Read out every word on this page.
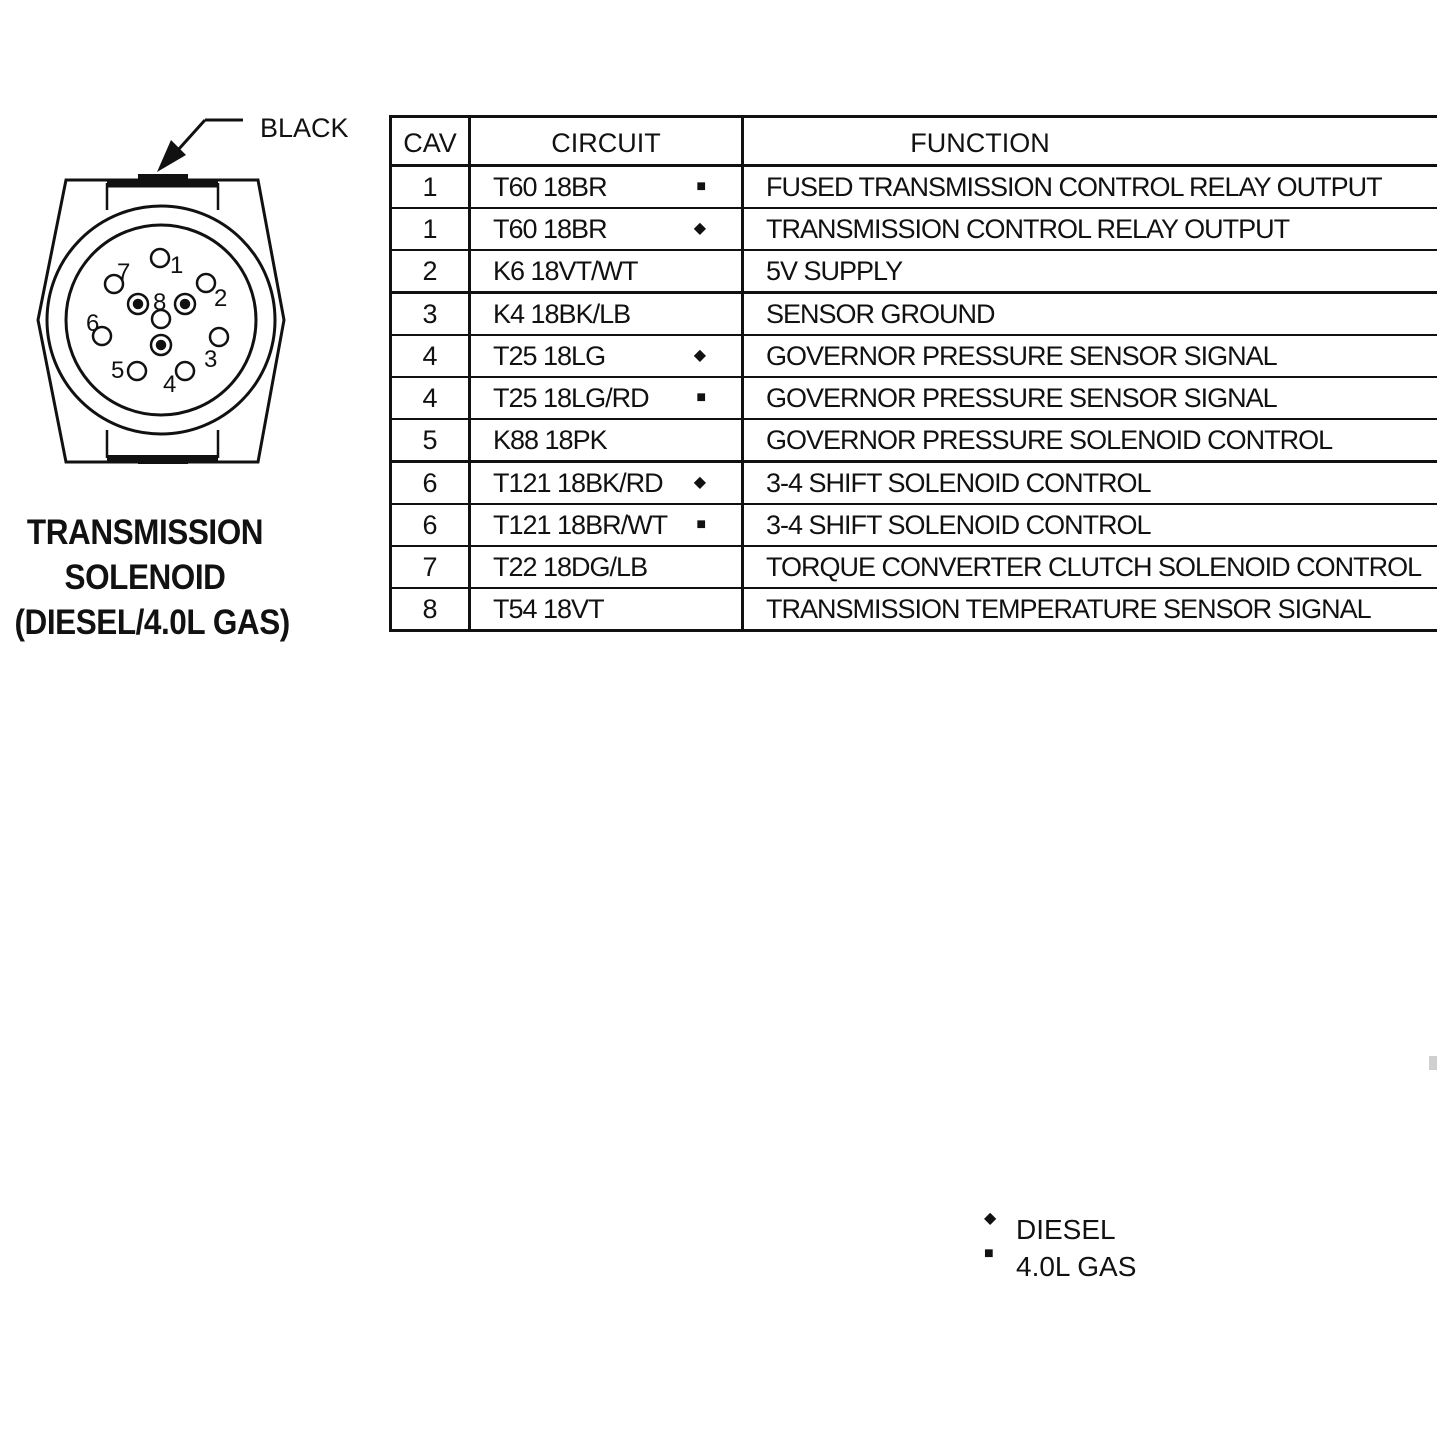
BLACK
1
2
3
4
5
6
7
8
TRANSMISSION
SOLENOID
(DIESEL/4.0L GAS)
CAV	CIRCUIT	FUNCTION
1	T60 18BR ■	FUSED TRANSMISSION CONTROL RELAY OUTPUT
1	T60 18BR ◆	TRANSMISSION CONTROL RELAY OUTPUT
2	K6 18VT/WT	5V SUPPLY
3	K4 18BK/LB	SENSOR GROUND
4	T25 18LG ◆	GOVERNOR PRESSURE SENSOR SIGNAL
4	T25 18LG/RD ■	GOVERNOR PRESSURE SENSOR SIGNAL
5	K88 18PK	GOVERNOR PRESSURE SOLENOID CONTROL
6	T121 18BK/RD ◆	3-4 SHIFT SOLENOID CONTROL
6	T121 18BR/WT ■	3-4 SHIFT SOLENOID CONTROL
7	T22 18DG/LB	TORQUE CONVERTER CLUTCH SOLENOID CONTROL
8	T54 18VT	TRANSMISSION TEMPERATURE SENSOR SIGNAL
◆ DIESEL
■ 4.0L GAS
